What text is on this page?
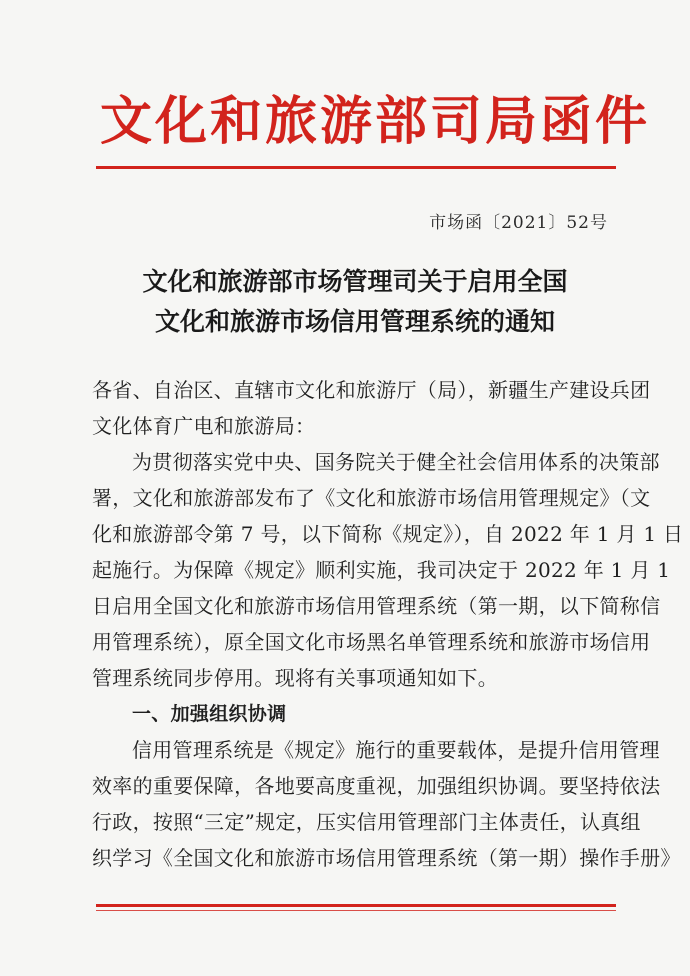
文化和旅游部司局函件
市场函〔2021〕52号
文化和旅游部市场管理司关于启用全国
文化和旅游市场信用管理系统的通知
各省、自治区、直辖市文化和旅游厅（局），新疆生产建设兵团
文化体育广电和旅游局：
为贯彻落实党中央、国务院关于健全社会信用体系的决策部
署，文化和旅游部发布了《文化和旅游市场信用管理规定》（文
化和旅游部令第 7 号，以下简称《规定》），自 2022 年 1 月 1 日
起施行。为保障《规定》顺利实施，我司决定于 2022 年 1 月 1
日启用全国文化和旅游市场信用管理系统（第一期，以下简称信
用管理系统），原全国文化市场黑名单管理系统和旅游市场信用
管理系统同步停用。现将有关事项通知如下。
一、加强组织协调
信用管理系统是《规定》施行的重要载体，是提升信用管理
效率的重要保障，各地要高度重视，加强组织协调。要坚持依法
行政，按照“三定”规定，压实信用管理部门主体责任，认真组
织学习《全国文化和旅游市场信用管理系统（第一期）操作手册》
